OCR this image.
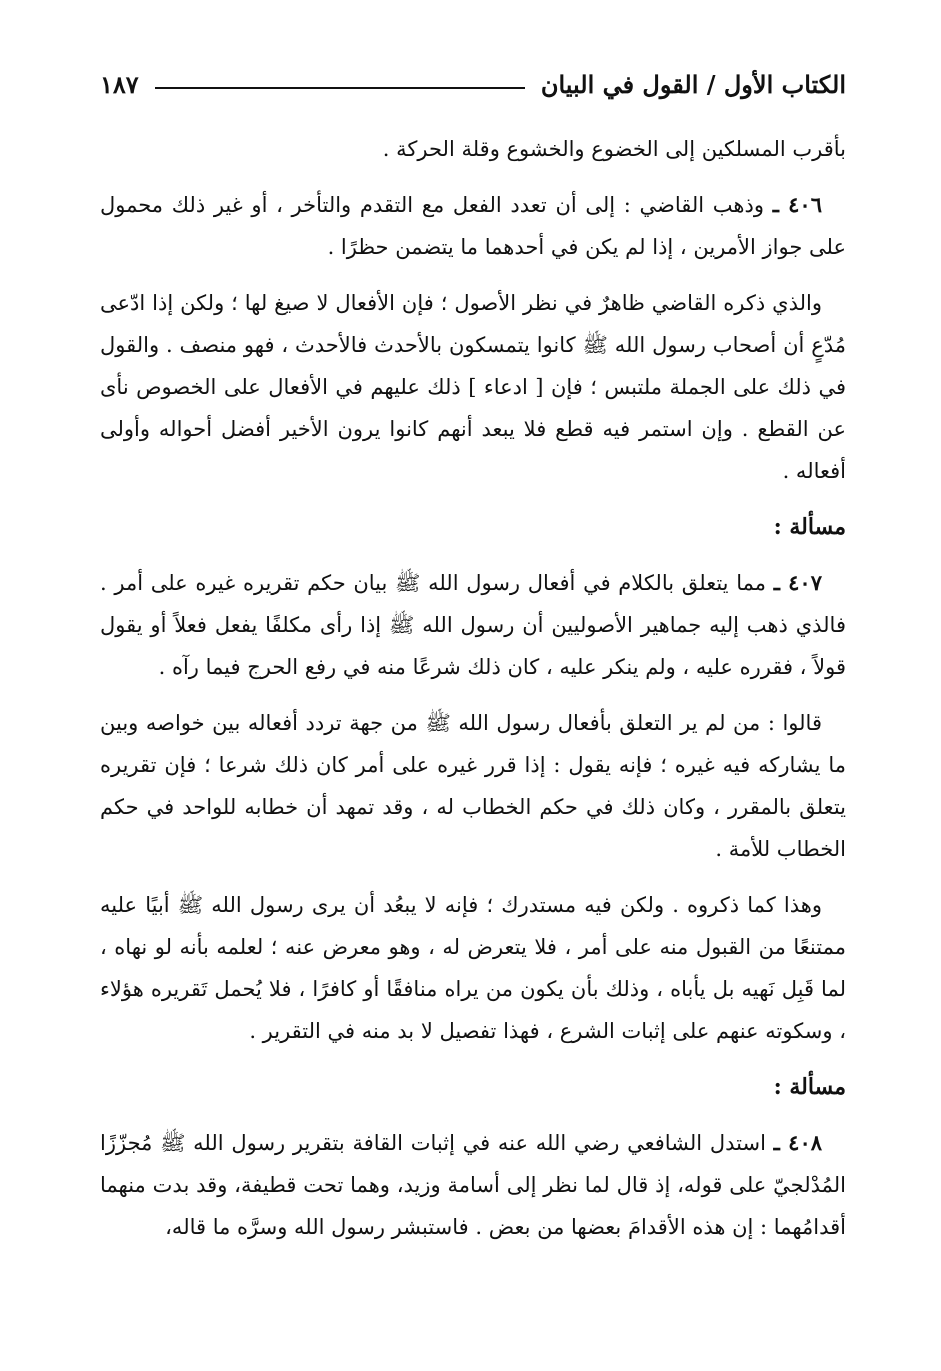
الكتاب الأول / القول في البيان
١٨٧

بأقرب المسلكين إلى الخضوع والخشوع وقلة الحركة .

٤٠٦ ـ وذهب القاضي : إلى أن تعدد الفعل مع التقدم والتأخر ، أو غير ذلك محمول على جواز الأمرين ، إذا لم يكن في أحدهما ما يتضمن حظرًا .

والذي ذكره القاضي ظاهرٌ في نظر الأصول ؛ فإن الأفعال لا صيغ لها ؛ ولكن إذا ادّعى مُدّعٍ أن أصحاب رسول الله ﷺ كانوا يتمسكون بالأحدث فالأحدث ، فهو منصف . والقول في ذلك على الجملة ملتبس ؛ فإن [ ادعاء ] ذلك عليهم في الأفعال على الخصوص نأى عن القطع . وإن استمر فيه قطع فلا يبعد أنهم كانوا يرون الأخير أفضل أحواله وأولى أفعاله .

مسألة :

٤٠٧ ـ مما يتعلق بالكلام في أفعال رسول الله ﷺ بيان حكم تقريره غيره على أمر . فالذي ذهب إليه جماهير الأصوليين أن رسول الله ﷺ إذا رأى مكلفًا يفعل فعلاً أو يقول قولاً ، فقرره عليه ، ولم ينكر عليه ، كان ذلك شرعًا منه في رفع الحرج فيما رآه .

قالوا : من لم ير التعلق بأفعال رسول الله ﷺ من جهة تردد أفعاله بين خواصه وبين ما يشاركه فيه غيره ؛ فإنه يقول : إذا قرر غيره على أمر كان ذلك شرعا ؛ فإن تقريره يتعلق بالمقرر ، وكان ذلك في حكم الخطاب له ، وقد تمهد أن خطابه للواحد في حكم الخطاب للأمة .

وهذا كما ذكروه . ولكن فيه مستدرك ؛ فإنه لا يبعُد أن يرى رسول الله ﷺ أبيًا عليه ممتنعًا من القبول منه على أمر ، فلا يتعرض له ، وهو معرض عنه ؛ لعلمه بأنه لو نهاه ، لما قَبِل نَهيه بل يأباه ، وذلك بأن يكون من يراه منافقًا أو كافرًا ، فلا يُحمل تَقريره هؤلاء ، وسكوته عنهم على إثبات الشرع ، فهذا تفصيل لا بد منه في التقرير .

مسألة :

٤٠٨ ـ استدل الشافعي رضي الله عنه في إثبات القافة بتقرير رسول الله ﷺ مُجزّزًا المُدْلجيّ على قوله، إذ قال لما نظر إلى أسامة وزيد، وهما تحت قطيفة، وقد بدت منهما أقدامُهما : إن هذه الأقدامَ بعضها من بعض . فاستبشر رسول الله وسرَّه ما قاله،
